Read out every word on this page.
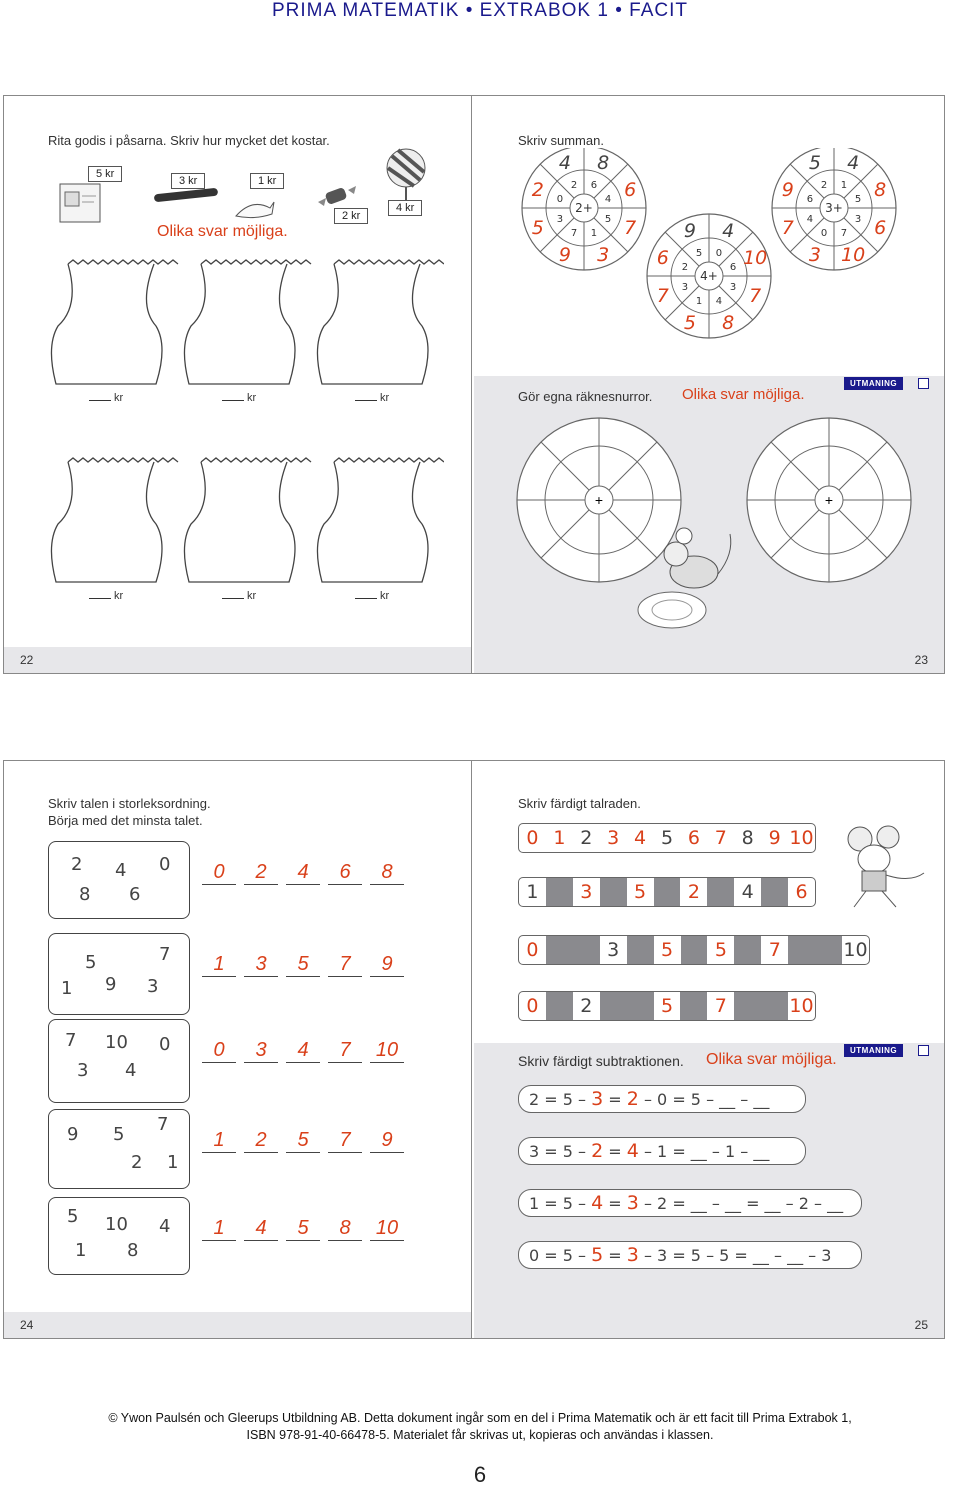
PRIMA MATEMATIK • EXTRABOK 1 • FACIT
Rita godis i påsarna. Skriv hur mycket det kostar.
5 kr
3 kr	1 kr
2 kr
4 kr
Olika svar möjliga.
kr	kr	kr
kr	kr	kr
22
Skriv summan.
2+
2
4
6
8
4 6
5 7
1
3
7
9
3
5
0
2
4+
5
9
0
4
6 10
3 7
4
8
1
5
3
7
2
6
3+
2
5
1
4
5 8
3 6
7
10
0
3
4
7
6
9
Gör egna räknesnurror. Olika svar möjliga.
UTMANING
+	+
23
Skriv talen i storleksordning.
Börja med det minsta talet.
2 4 0
8 6
0	2	4	6	8
5	7
1 9 3
1	3	5	7	9
7 10 0
3 4
0	3	4	7	10
9 5 7
2 1
1	2	5	7	9
5 10 4
1 8
1	4	5	8	10
24
Skriv färdigt talraden.
0 1 2 3 4 5 6 7 8 9 10
1	3	5	2	4	6
0	3	5	5	7	10
0	2	5	7	10
Skriv färdigt subtraktionen. Olika svar möjliga.
UTMANING
2 = 5 – 3 = 2 – 0 = 5 – __ – __
3 = 5 – 2 = 4 – 1 = __ – 1 – __
1 = 5 – 4 = 3 – 2 = __ – __ = __ – 2 – __
0 = 5 – 5 = 3 – 3 = 5 – 5 = __ – __ – 3
25
© Ywon Paulsén och Gleerups Utbildning AB. Detta dokument ingår som en del i Prima Matematik och är ett facit till Prima Extrabok 1,
ISBN 978-91-40-66478-5. Materialet får skrivas ut, kopieras och användas i klassen.
6
